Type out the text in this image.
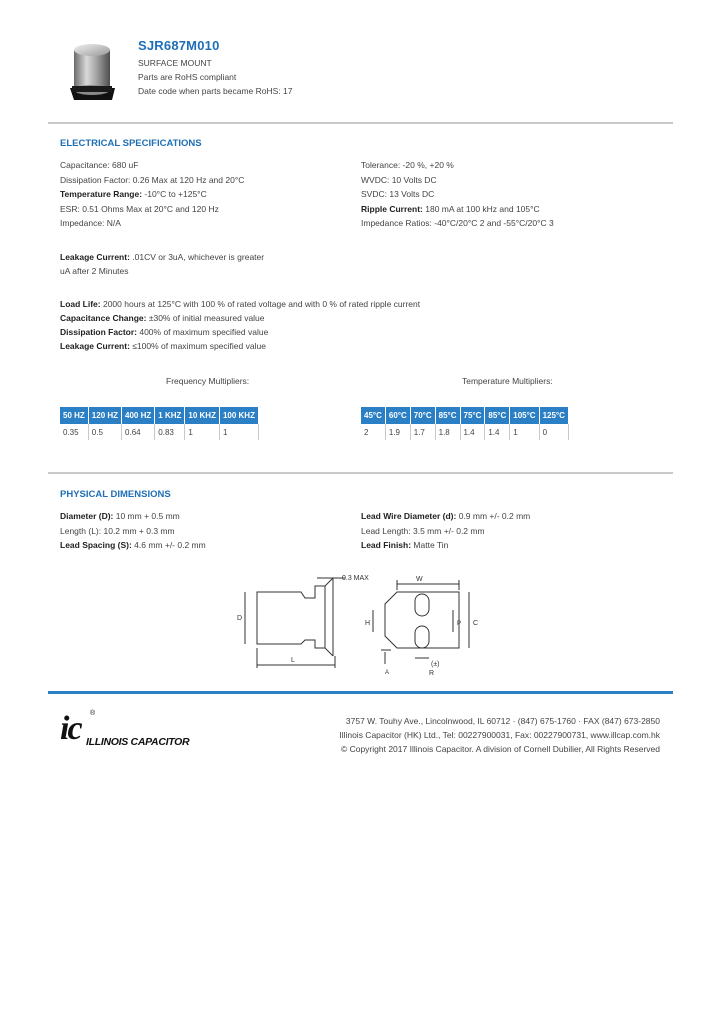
SJR687M010
SURFACE MOUNT
Parts are RoHS compliant
Date code when parts became RoHS: 17
ELECTRICAL SPECIFICATIONS
Capacitance: 680 uF
Dissipation Factor: 0.26 Max at 120 Hz and 20°C
Temperature Range: -10°C to +125°C
ESR: 0.51 Ohms Max at 20°C and 120 Hz
Impedance: N/A
Tolerance: -20 %, +20 %
WVDC: 10 Volts DC
SVDC: 13 Volts DC
Ripple Current: 180 mA at 100 kHz and 105°C
Impedance Ratios: -40°C/20°C 2 and -55°C/20°C 3
Leakage Current: .01CV or 3uA, whichever is greater
uA after 2 Minutes
Load Life: 2000 hours at 125°C with 100 % of rated voltage and with 0 % of rated ripple current
Capacitance Change: ±30% of initial measured value
Dissipation Factor: 400% of maximum specified value
Leakage Current: ≤100% of maximum specified value
Frequency Multipliers:	Temperature Multipliers:
50 HZ	120 HZ	400 HZ	1 KHZ	10 KHZ	100 KHZ
0.35	0.5	0.64	0.83	1	1
45°C	60°C	70°C	85°C	75°C	85°C	105°C	125°C
2	1.9	1.7	1.8	1.4	1.4	1	0
PHYSICAL DIMENSIONS
Diameter (D): 10 mm + 0.5 mm
Length (L): 10.2 mm + 0.3 mm
Lead Spacing (S): 4.6 mm +/- 0.2 mm
Lead Wire Diameter (d): 0.9 mm +/- 0.2 mm
Lead Length: 3.5 mm +/- 0.2 mm
Lead Finish: Matte Tin
0.3 MAX
D
L
W
H	C
(±)
R
P
A
ic ®
ILLINOIS CAPACITOR
3757 W. Touhy Ave., Lincolnwood, IL 60712 · (847) 675-1760 · FAX (847) 673-2850
Illinois Capacitor (HK) Ltd., Tel: 00227900031, Fax: 00227900731, www.illcap.com.hk
© Copyright 2017 Illinois Capacitor. A division of Cornell Dubilier, All Rights Reserved
